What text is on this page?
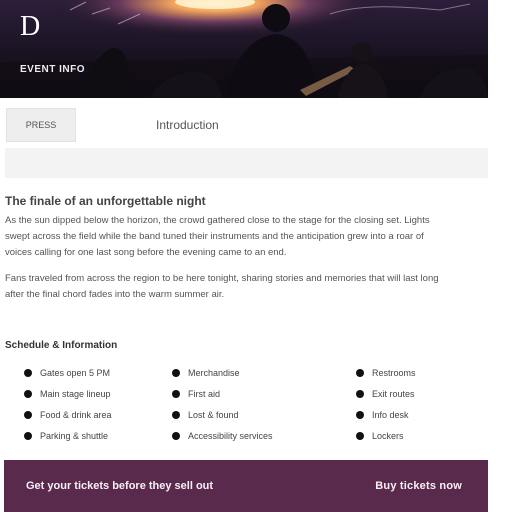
D
EVENT INFO
PRESS	Introduction
The finale of an unforgettable night

As the sun dipped below the horizon, the crowd gathered close to the stage for the closing set. Lights swept across the field while the band tuned their instruments and the anticipation grew into a roar of voices calling for one last song before the evening came to an end.

Fans traveled from across the region to be here tonight, sharing stories and memories that will last long after the final chord fades into the warm summer air.

Schedule & Information
Gates open 5 PM
Main stage lineup
Food & drink area
Parking & shuttle
Merchandise
First aid
Lost & found
Accessibility services
Restrooms
Exit routes
Info desk
Lockers
Get your tickets before they sell out	Buy tickets now
